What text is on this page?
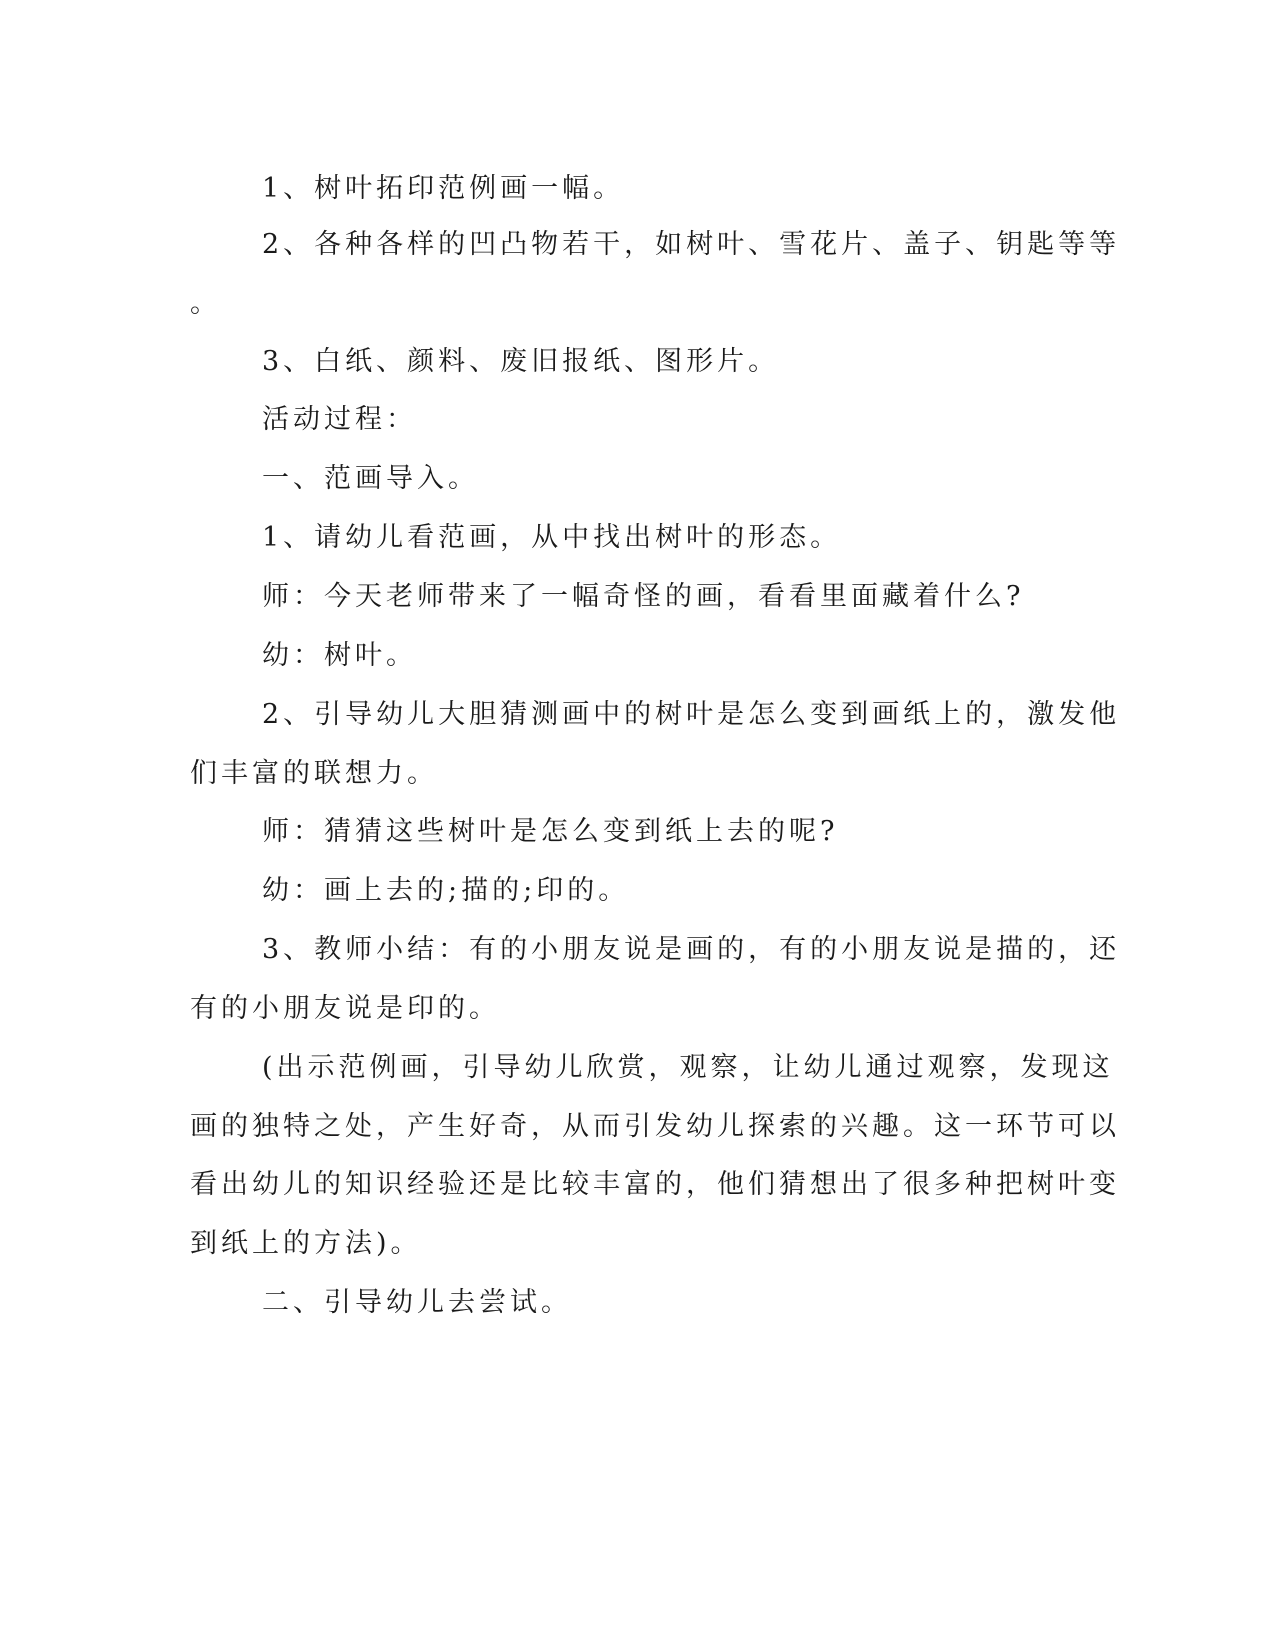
1、树叶拓印范例画一幅。
2、各种各样的凹凸物若干，如树叶、雪花片、盖子、钥匙等等
。
3、白纸、颜料、废旧报纸、图形片。
活动过程：
一、范画导入。
1、请幼儿看范画，从中找出树叶的形态。
师：今天老师带来了一幅奇怪的画，看看里面藏着什么?
幼：树叶。
2、引导幼儿大胆猜测画中的树叶是怎么变到画纸上的，激发他
们丰富的联想力。
师：猜猜这些树叶是怎么变到纸上去的呢?
幼：画上去的;描的;印的。
3、教师小结：有的小朋友说是画的，有的小朋友说是描的，还
有的小朋友说是印的。
(出示范例画，引导幼儿欣赏，观察，让幼儿通过观察，发现这
画的独特之处，产生好奇，从而引发幼儿探索的兴趣。这一环节可以
看出幼儿的知识经验还是比较丰富的，他们猜想出了很多种把树叶变
到纸上的方法)。
二、引导幼儿去尝试。
